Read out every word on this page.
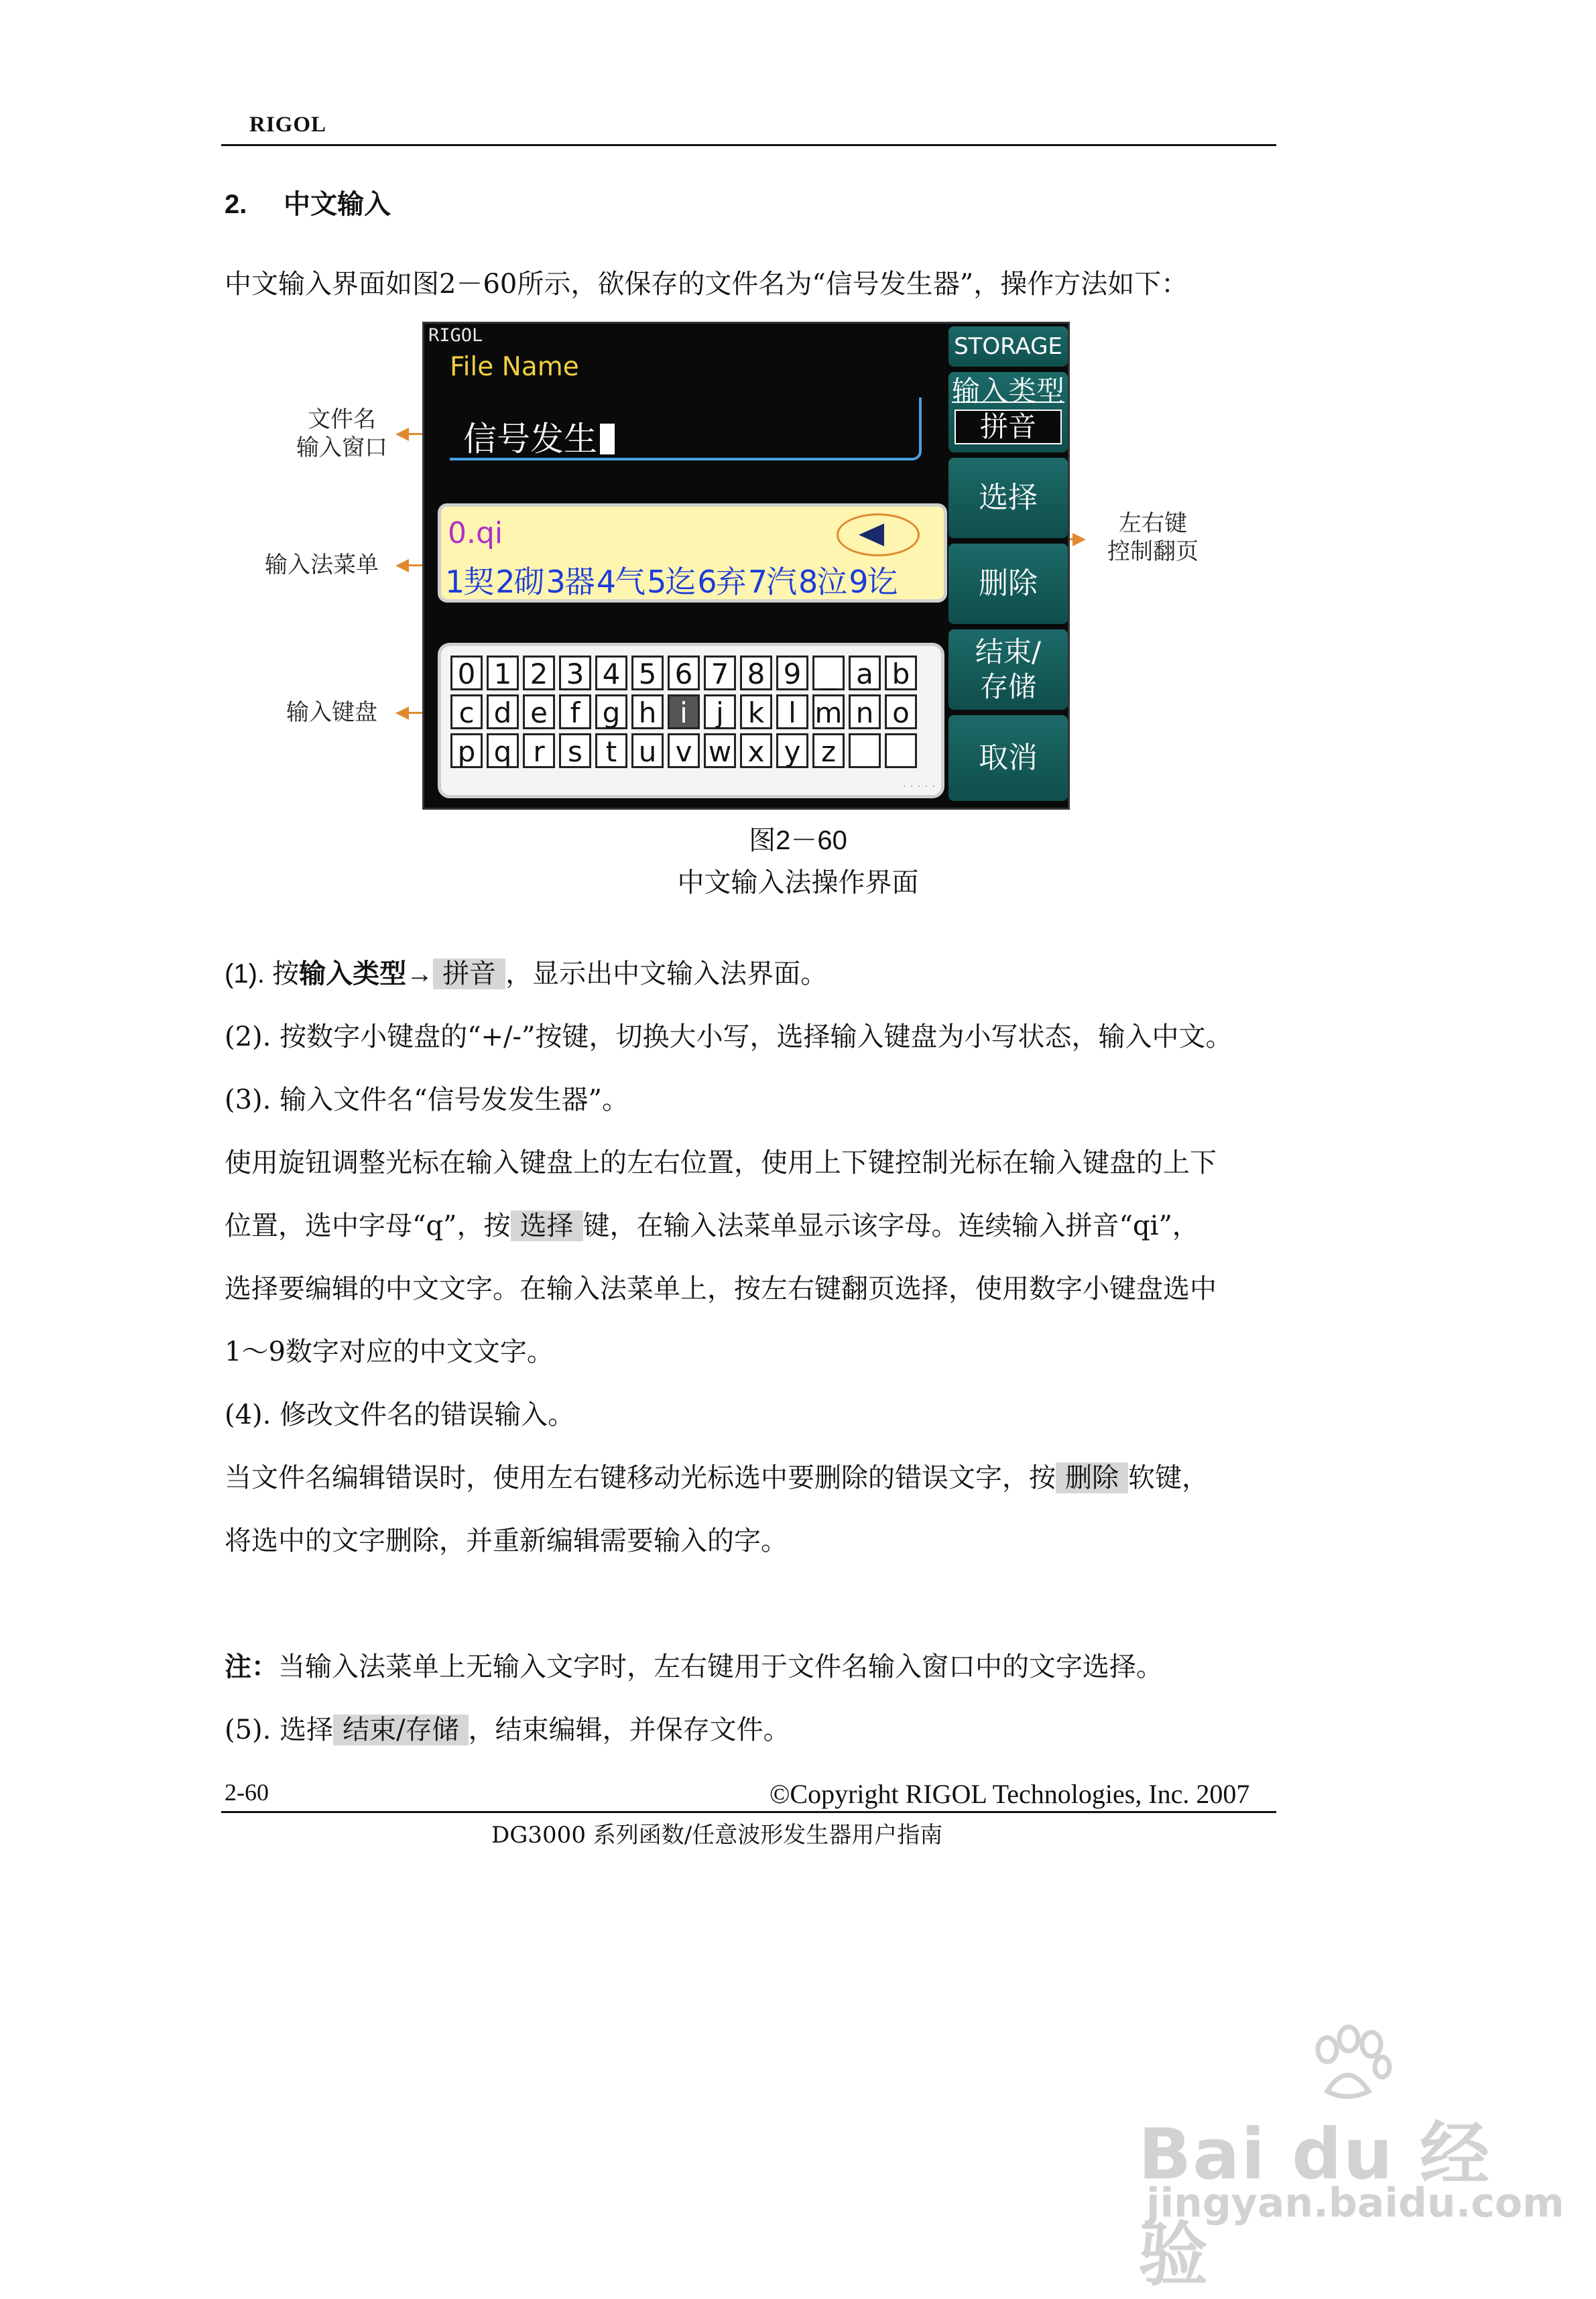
RIGOL
2. 中文输入
中文输入界面如图2－60所示，欲保存的文件名为“信号发生器”，操作方法如下：
文件名
输入窗口
输入法菜单
输入键盘
左右键
控制翻页
RIGOL
File Name
信号发生
0.qi
1契2砌3器4气5迄6弃7汽8泣9讫
0 1 2 3 4 5 6 7 8 9 _ a b
c d e f g h i	j k l m n o
p q r s t u v w x y z
· · · · ·
STORAGE
输入类型
拼音
选择
删除
结束/
存储
取消
图2－60
中文输入法操作界面
(1). 按输入类型→ 拼音 ，显示出中文输入法界面。
(2). 按数字小键盘的“+/-”按键，切换大小写，选择输入键盘为小写状态，输入中文。
(3). 输入文件名“信号发发生器”。
使用旋钮调整光标在输入键盘上的左右位置，使用上下键控制光标在输入键盘的上下
位置，选中字母“q”，按 选择 键，在输入法菜单显示该字母。连续输入拼音“qi”，
选择要编辑的中文文字。在输入法菜单上，按左右键翻页选择，使用数字小键盘选中
1～9数字对应的中文文字。
(4). 修改文件名的错误输入。
当文件名编辑错误时，使用左右键移动光标选中要删除的错误文字，按 删除 软键，
将选中的文字删除，并重新编辑需要输入的字。
注：当输入法菜单上无输入文字时，左右键用于文件名输入窗口中的文字选择。
(5). 选择 结束/存储 ，结束编辑，并保存文件。
2-60	©Copyright RIGOL Technologies, Inc. 2007
DG3000 系列函数/任意波形发生器用户指南
Bai du 经验
jingyan.baidu.com
